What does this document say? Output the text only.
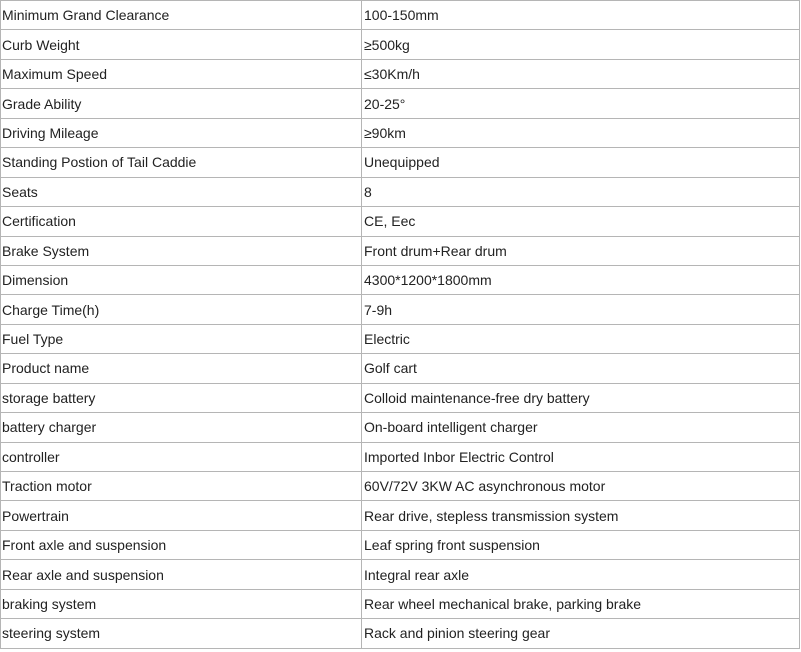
Minimum Grand Clearance	100-150mm
Curb Weight	≥500kg
Maximum Speed	≤30Km/h
Grade Ability	20-25°
Driving Mileage	≥90km
Standing Postion of Tail Caddie	Unequipped
Seats	8
Certification	CE, Eec
Brake System	Front drum+Rear drum
Dimension	4300*1200*1800mm
Charge Time(h)	7-9h
Fuel Type	Electric
Product name	Golf cart
storage battery	Colloid maintenance-free dry battery
battery charger	On-board intelligent charger
controller	Imported Inbor Electric Control
Traction motor	60V/72V 3KW AC asynchronous motor
Powertrain	Rear drive, stepless transmission system
Front axle and suspension	Leaf spring front suspension
Rear axle and suspension	Integral rear axle
braking system	Rear wheel mechanical brake, parking brake
steering system	Rack and pinion steering gear
